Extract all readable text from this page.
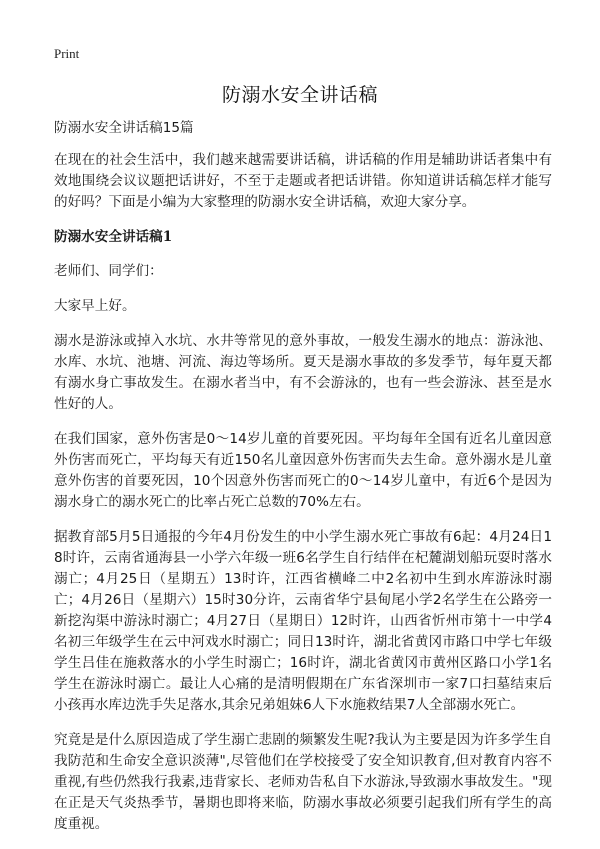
Print
防溺水安全讲话稿

防溺水安全讲话稿15篇

在现在的社会生活中，我们越来越需要讲话稿，讲话稿的作用是辅助讲话者集中有效地围绕会议议题把话讲好，不至于走题或者把话讲错。你知道讲话稿怎样才能写的好吗？下面是小编为大家整理的防溺水安全讲话稿，欢迎大家分享。

防溺水安全讲话稿1

老师们、同学们：

大家早上好。

溺水是游泳或掉入水坑、水井等常见的意外事故，一般发生溺水的地点：游泳池、水库、水坑、池塘、河流、海边等场所。夏天是溺水事故的多发季节，每年夏天都有溺水身亡事故发生。在溺水者当中，有不会游泳的，也有一些会游泳、甚至是水性好的人。

在我们国家，意外伤害是0～14岁儿童的首要死因。平均每年全国有近名儿童因意外伤害而死亡，平均每天有近150名儿童因意外伤害而失去生命。意外溺水是儿童意外伤害的首要死因，10个因意外伤害而死亡的0～14岁儿童中，有近6个是因为溺水身亡的溺水死亡的比率占死亡总数的70%左右。

据教育部5月5日通报的今年4月份发生的中小学生溺水死亡事故有6起：4月24日18时许，云南省通海县一小学六年级一班6名学生自行结伴在杞麓湖划船玩耍时落水溺亡；4月25日（星期五）13时许，江西省横峰二中2名初中生到水库游泳时溺亡；4月26日（星期六）15时30分许，云南省华宁县甸尾小学2名学生在公路旁一新挖沟渠中游泳时溺亡；4月27日（星期日）12时许，山西省忻州市第十一中学4名初三年级学生在云中河戏水时溺亡；同日13时许，湖北省黄冈市路口中学七年级学生吕佳在施救落水的小学生时溺亡；16时许，湖北省黄冈市黄州区路口小学1名学生在游泳时溺亡。最让人心痛的是清明假期在广东省深圳市一家7口扫墓结束后小孩再水库边洗手失足落水,其余兄弟姐妹6人下水施救结果7人全部溺水死亡。

究竟是是什么原因造成了学生溺亡悲剧的频繁发生呢?我认为主要是因为许多学生自我防范和生命安全意识淡薄",尽管他们在学校接受了安全知识教育,但对教育内容不重视,有些仍然我行我素,违背家长、老师劝告私自下水游泳,导致溺水事故发生。"现在正是天气炎热季节，暑期也即将来临，防溺水事故必须要引起我们所有学生的高度重视。
